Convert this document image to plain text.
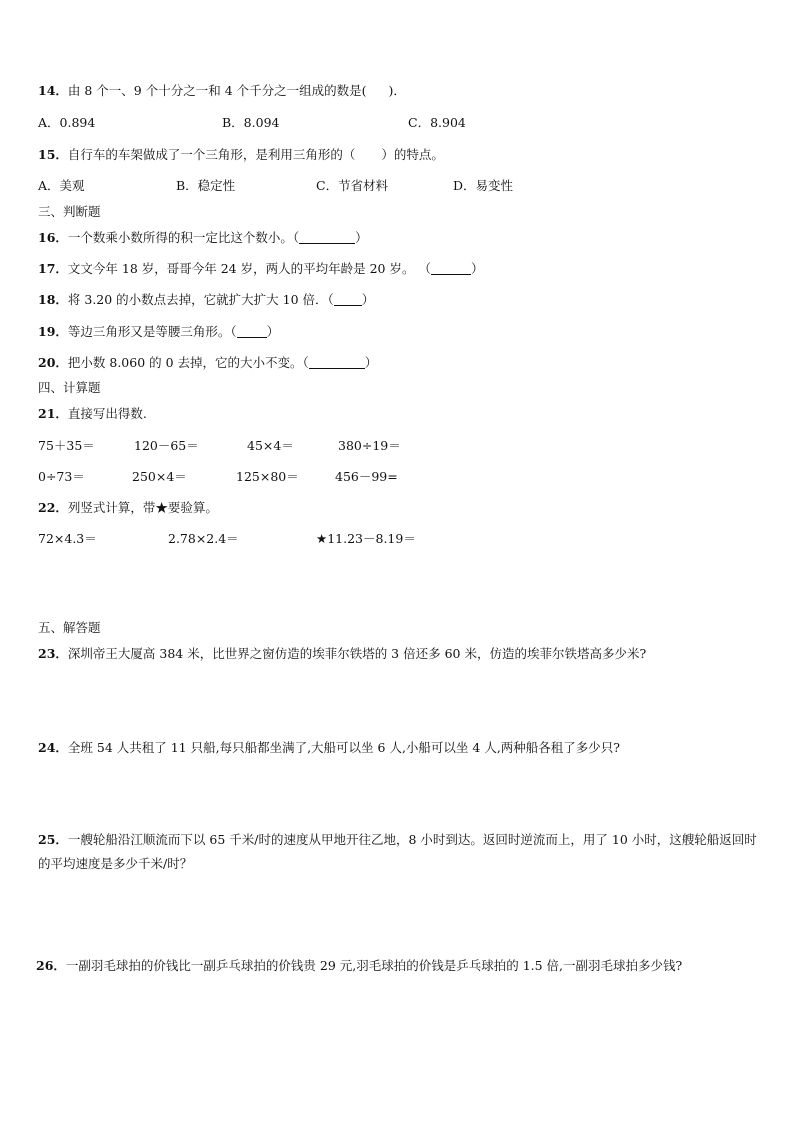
14．由 8 个一、9 个十分之一和 4 个千分之一组成的数是( )．
A．0.894	B．8.094	C．8.904
15．自行车的车架做成了一个三角形，是利用三角形的（ ）的特点。
A．美观	B．稳定性	C．节省材料	D．易变性
三、判断题
16．一个数乘小数所得的积一定比这个数小。（	）
17．文文今年 18 岁，哥哥今年 24 岁，两人的平均年龄是 20 岁。 （	）
18．将 3.20 的小数点去掉，它就扩大扩大 10 倍．（ ）
19．等边三角形又是等腰三角形。（ ）
20．把小数 8.060 的 0 去掉，它的大小不变。（	）
四、计算题
21．直接写出得数.
75＋35＝	120－65＝	45×4＝	380÷19＝
0÷73＝	250×4＝	125×80＝	456－99=
22．列竖式计算，带★要验算。
72×4.3＝	2.78×2.4＝	★11.23－8.19＝
五、解答题
23．深圳帝王大厦高 384 米，比世界之窗仿造的埃菲尔铁塔的 3 倍还多 60 米，仿造的埃菲尔铁塔高多少米?
24．全班 54 人共租了 11 只船,每只船都坐满了,大船可以坐 6 人,小船可以坐 4 人,两种船各租了多少只?
25．一艘轮船沿江顺流而下以 65 千米/时的速度从甲地开往乙地，8 小时到达。返回时逆流而上，用了 10 小时，这艘轮船返回时的平均速度是多少千米/时？
26．一副羽毛球拍的价钱比一副乒乓球拍的价钱贵 29 元,羽毛球拍的价钱是乒乓球拍的 1.5 倍,一副羽毛球拍多少钱?
